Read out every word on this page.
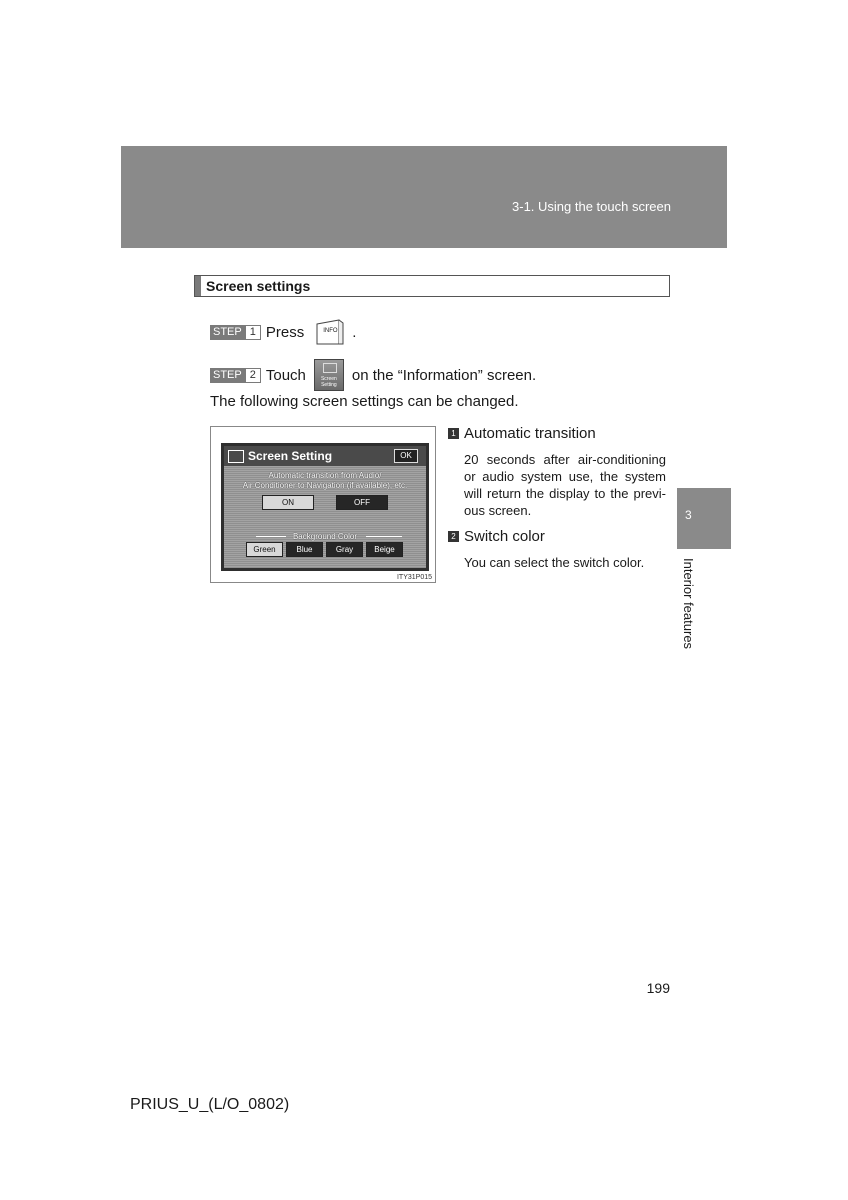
3-1. Using the touch screen
Screen settings
STEP 1 Press	INFO .
STEP 2 Touch	Screen
Setting
on the “Information” screen.
The following screen settings can be changed.
Screen Setting	OK
Automatic transition from Audio/
Air Conditioner to Navigation (if available), etc.
ON	OFF
Background Color
Green	Blue	Gray	Beige
ITY31P015
1 Automatic transition
20 seconds after air-conditioning or audio system use, the system will return the display to the previ-ous screen.
2 Switch color
You can select the switch color.
3
Interior features
199
PRIUS_U_(L/O_0802)
